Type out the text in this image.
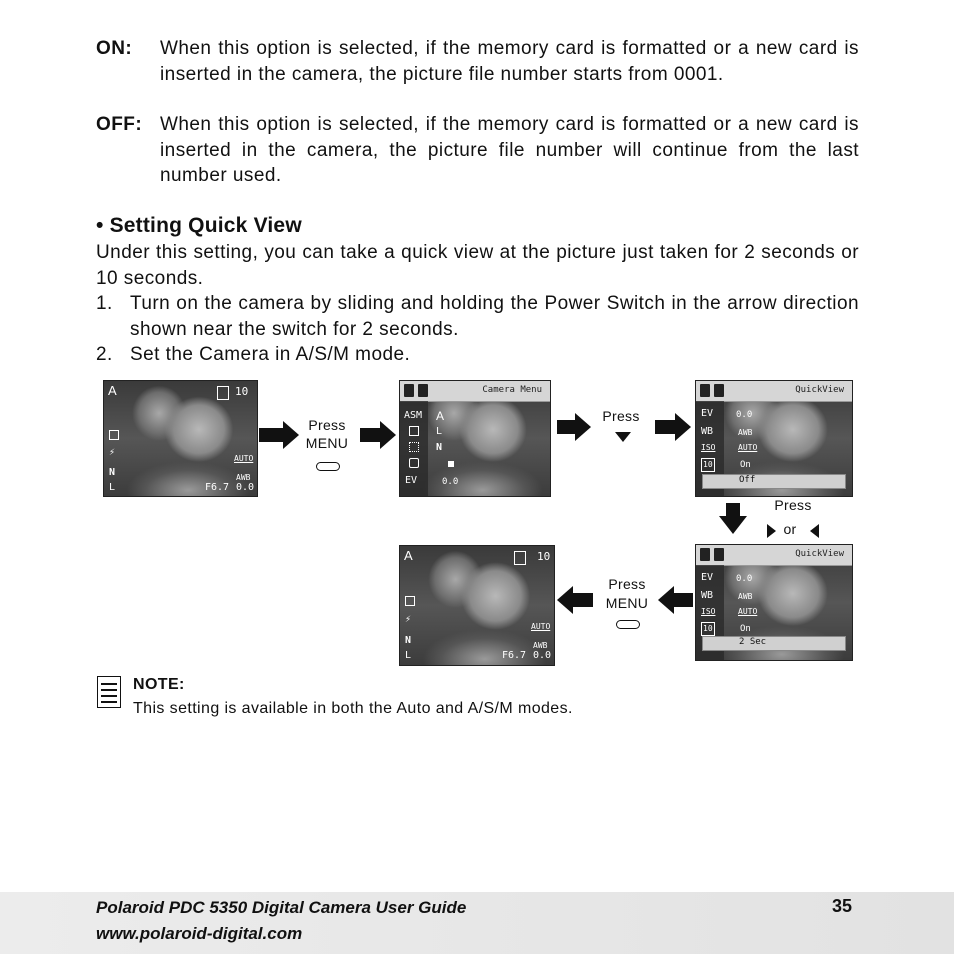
ON: When this option is selected, if the memory card is formatted or a new card is inserted in the camera, the picture file number starts from 0001.
OFF: When this option is selected, if the memory card is formatted or a new card is inserted in the camera, the picture file number will continue from the last number used.
• Setting Quick View
Under this setting, you can take a quick view at the picture just taken for 2 seconds or 10 seconds.
1. Turn on the camera by sliding and holding the Power Switch in the arrow direction shown near the switch for 2 seconds.
2. Set the Camera in A/S/M mode.
A	10
⚡
N
L
AUTO
AWB
F6.7 0.0
Press
MENU
Camera Menu
ASM A
L
N
EV	0.0
Press
QuickView
EV	0.0
WB	AWB
ISO	AUTO
10	On
Off
Press
or
QuickView
EV	0.0
WB	AWB
ISO	AUTO
10	On
2 Sec
Press
MENU
A	10
⚡
N
L
AUTO
AWB
F6.7 0.0
NOTE:
This setting is available in both the Auto and A/S/M modes.
Polaroid PDC 5350 Digital Camera User Guide
www.polaroid-digital.com
35
